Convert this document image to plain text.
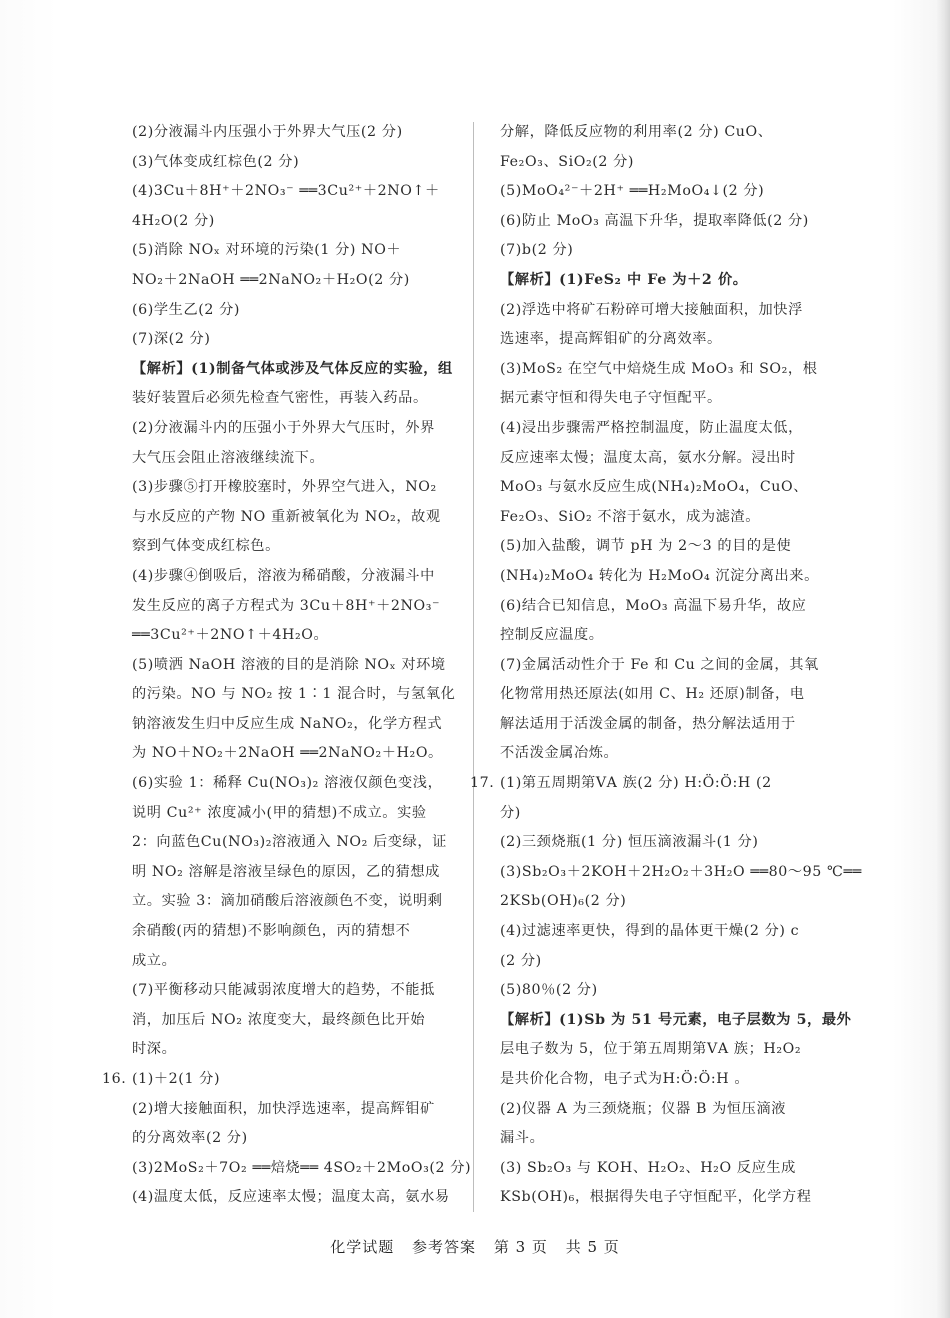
(2)分液漏斗内压强小于外界大气压(2 分)
(3)气体变成红棕色(2 分)
(4)3Cu＋8H⁺＋2NO₃⁻ ══3Cu²⁺＋2NO↑＋
4H₂O(2 分)
(5)消除 NOₓ 对环境的污染(1 分) NO＋
NO₂＋2NaOH ══2NaNO₂＋H₂O(2 分)
(6)学生乙(2 分)
(7)深(2 分)
【解析】(1)制备气体或涉及气体反应的实验，组
装好装置后必须先检查气密性，再装入药品。
(2)分液漏斗内的压强小于外界大气压时，外界
大气压会阻止溶液继续流下。
(3)步骤⑤打开橡胶塞时，外界空气进入，NO₂
与水反应的产物 NO 重新被氧化为 NO₂，故观
察到气体变成红棕色。
(4)步骤④倒吸后，溶液为稀硝酸，分液漏斗中
发生反应的离子方程式为 3Cu＋8H⁺＋2NO₃⁻
══3Cu²⁺＋2NO↑＋4H₂O。
(5)喷洒 NaOH 溶液的目的是消除 NOₓ 对环境
的污染。NO 与 NO₂ 按 1∶1 混合时，与氢氧化
钠溶液发生归中反应生成 NaNO₂，化学方程式
为 NO＋NO₂＋2NaOH ══2NaNO₂＋H₂O。
(6)实验 1：稀释 Cu(NO₃)₂ 溶液仅颜色变浅，
说明 Cu²⁺ 浓度减小(甲的猜想)不成立。实验
2：向蓝色Cu(NO₃)₂溶液通入 NO₂ 后变绿，证
明 NO₂ 溶解是溶液呈绿色的原因，乙的猜想成
立。实验 3：滴加硝酸后溶液颜色不变，说明剩
余硝酸(丙的猜想)不影响颜色，丙的猜想不
成立。
(7)平衡移动只能减弱浓度增大的趋势，不能抵
消，加压后 NO₂ 浓度变大，最终颜色比开始
时深。
16. (1)＋2(1 分)
(2)增大接触面积，加快浮选速率，提高辉钼矿
的分离效率(2 分)
(3)2MoS₂＋7O₂ ══焙烧══ 4SO₂＋2MoO₃(2 分)
(4)温度太低，反应速率太慢；温度太高，氨水易
分解，降低反应物的利用率(2 分) CuO、
Fe₂O₃、SiO₂(2 分)
(5)MoO₄²⁻＋2H⁺ ══H₂MoO₄↓(2 分)
(6)防止 MoO₃ 高温下升华，提取率降低(2 分)
(7)b(2 分)
【解析】(1)FeS₂ 中 Fe 为＋2 价。
(2)浮选中将矿石粉碎可增大接触面积，加快浮
选速率，提高辉钼矿的分离效率。
(3)MoS₂ 在空气中焙烧生成 MoO₃ 和 SO₂，根
据元素守恒和得失电子守恒配平。
(4)浸出步骤需严格控制温度，防止温度太低，
反应速率太慢；温度太高，氨水分解。浸出时
MoO₃ 与氨水反应生成(NH₄)₂MoO₄，CuO、
Fe₂O₃、SiO₂ 不溶于氨水，成为滤渣。
(5)加入盐酸，调节 pH 为 2～3 的目的是使
(NH₄)₂MoO₄ 转化为 H₂MoO₄ 沉淀分离出来。
(6)结合已知信息，MoO₃ 高温下易升华，故应
控制反应温度。
(7)金属活动性介于 Fe 和 Cu 之间的金属，其氧
化物常用热还原法(如用 C、H₂ 还原)制备，电
解法适用于活泼金属的制备，热分解法适用于
不活泼金属冶炼。
17. (1)第五周期第ⅤA 族(2 分) H:Ö:Ö:H (2
分)
(2)三颈烧瓶(1 分) 恒压滴液漏斗(1 分)
(3)Sb₂O₃＋2KOH＋2H₂O₂＋3H₂O ══80～95 ℃══
2KSb(OH)₆(2 分)
(4)过滤速率更快，得到的晶体更干燥(2 分) c
(2 分)
(5)80％(2 分)
【解析】(1)Sb 为 51 号元素，电子层数为 5，最外
层电子数为 5，位于第五周期第ⅤA 族；H₂O₂
是共价化合物，电子式为H:Ö:Ö:H 。
(2)仪器 A 为三颈烧瓶；仪器 B 为恒压滴液
漏斗。
(3) Sb₂O₃ 与 KOH、H₂O₂、H₂O 反应生成
KSb(OH)₆，根据得失电子守恒配平，化学方程
化学试题 参考答案 第 3 页 共 5 页
